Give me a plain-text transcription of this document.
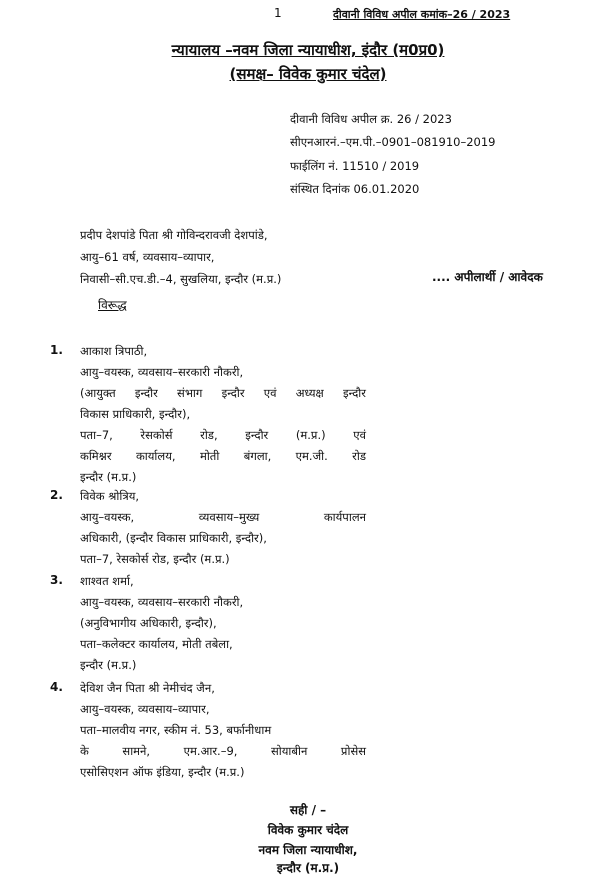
1	दीवानी विविध अपील कमांक–26 / 2023
न्यायालय –नवम जिला न्यायाधीश, इंदौर (म0प्र0)
(समक्ष– विवेक कुमार चंदेल)
दीवानी विविध अपील क्र. 26 / 2023
सीएनआरनं.–एम.पी.–0901–081910–2019
फाईलिंग नं. 11510 / 2019
संस्थित दिनांक 06.01.2020
प्रदीप देशपांडे पिता श्री गोविन्दरावजी देशपांडे,
आयु–61 वर्ष, व्यवसाय–व्यापार,
निवासी–सी.एच.डी.–4, सुखलिया, इन्दौर (म.प्र.)	.... अपीलार्थी / आवेदक
विरूद्ध
1. आकाश त्रिपाठी,
आयु–वयस्क, व्यवसाय–सरकारी नौकरी,
(आयुक्त इन्दौर संभाग इन्दौर एवं अध्यक्ष इन्दौर
विकास प्राधिकारी, इन्दौर),
पता–7, रेसकोर्स रोड, इन्दौर (म.प्र.) एवं
कमिश्नर कार्यालय, मोती बंगला, एम.जी. रोड
इन्दौर (म.प्र.)
2. विवेक श्रोत्रिय,
आयु–वयस्क, व्यवसाय–मुख्य कार्यपालन
अधिकारी, (इन्दौर विकास प्राधिकारी, इन्दौर),
पता–7, रेसकोर्स रोड, इन्दौर (म.प्र.)
3. शाश्वत शर्मा,
आयु–वयस्क, व्यवसाय–सरकारी नौकरी,
(अनुविभागीय अधिकारी, इन्दौर),
पता–कलेक्टर कार्यालय, मोती तबेला,
इन्दौर (म.प्र.)
4. देविश जैन पिता श्री नेमीचंद जैन,
आयु–वयस्क, व्यवसाय–व्यापार,
पता–मालवीय नगर, स्कीम नं. 53, बर्फानीधाम
के सामने, एम.आर.–9, सोयाबीन प्रोसेस
एसोसिएशन ऑफ इंडिया, इन्दौर (म.प्र.)
सही / –
विवेक कुमार चंदेल
नवम जिला न्यायाधीश,
इन्दौर (म.प्र.)
